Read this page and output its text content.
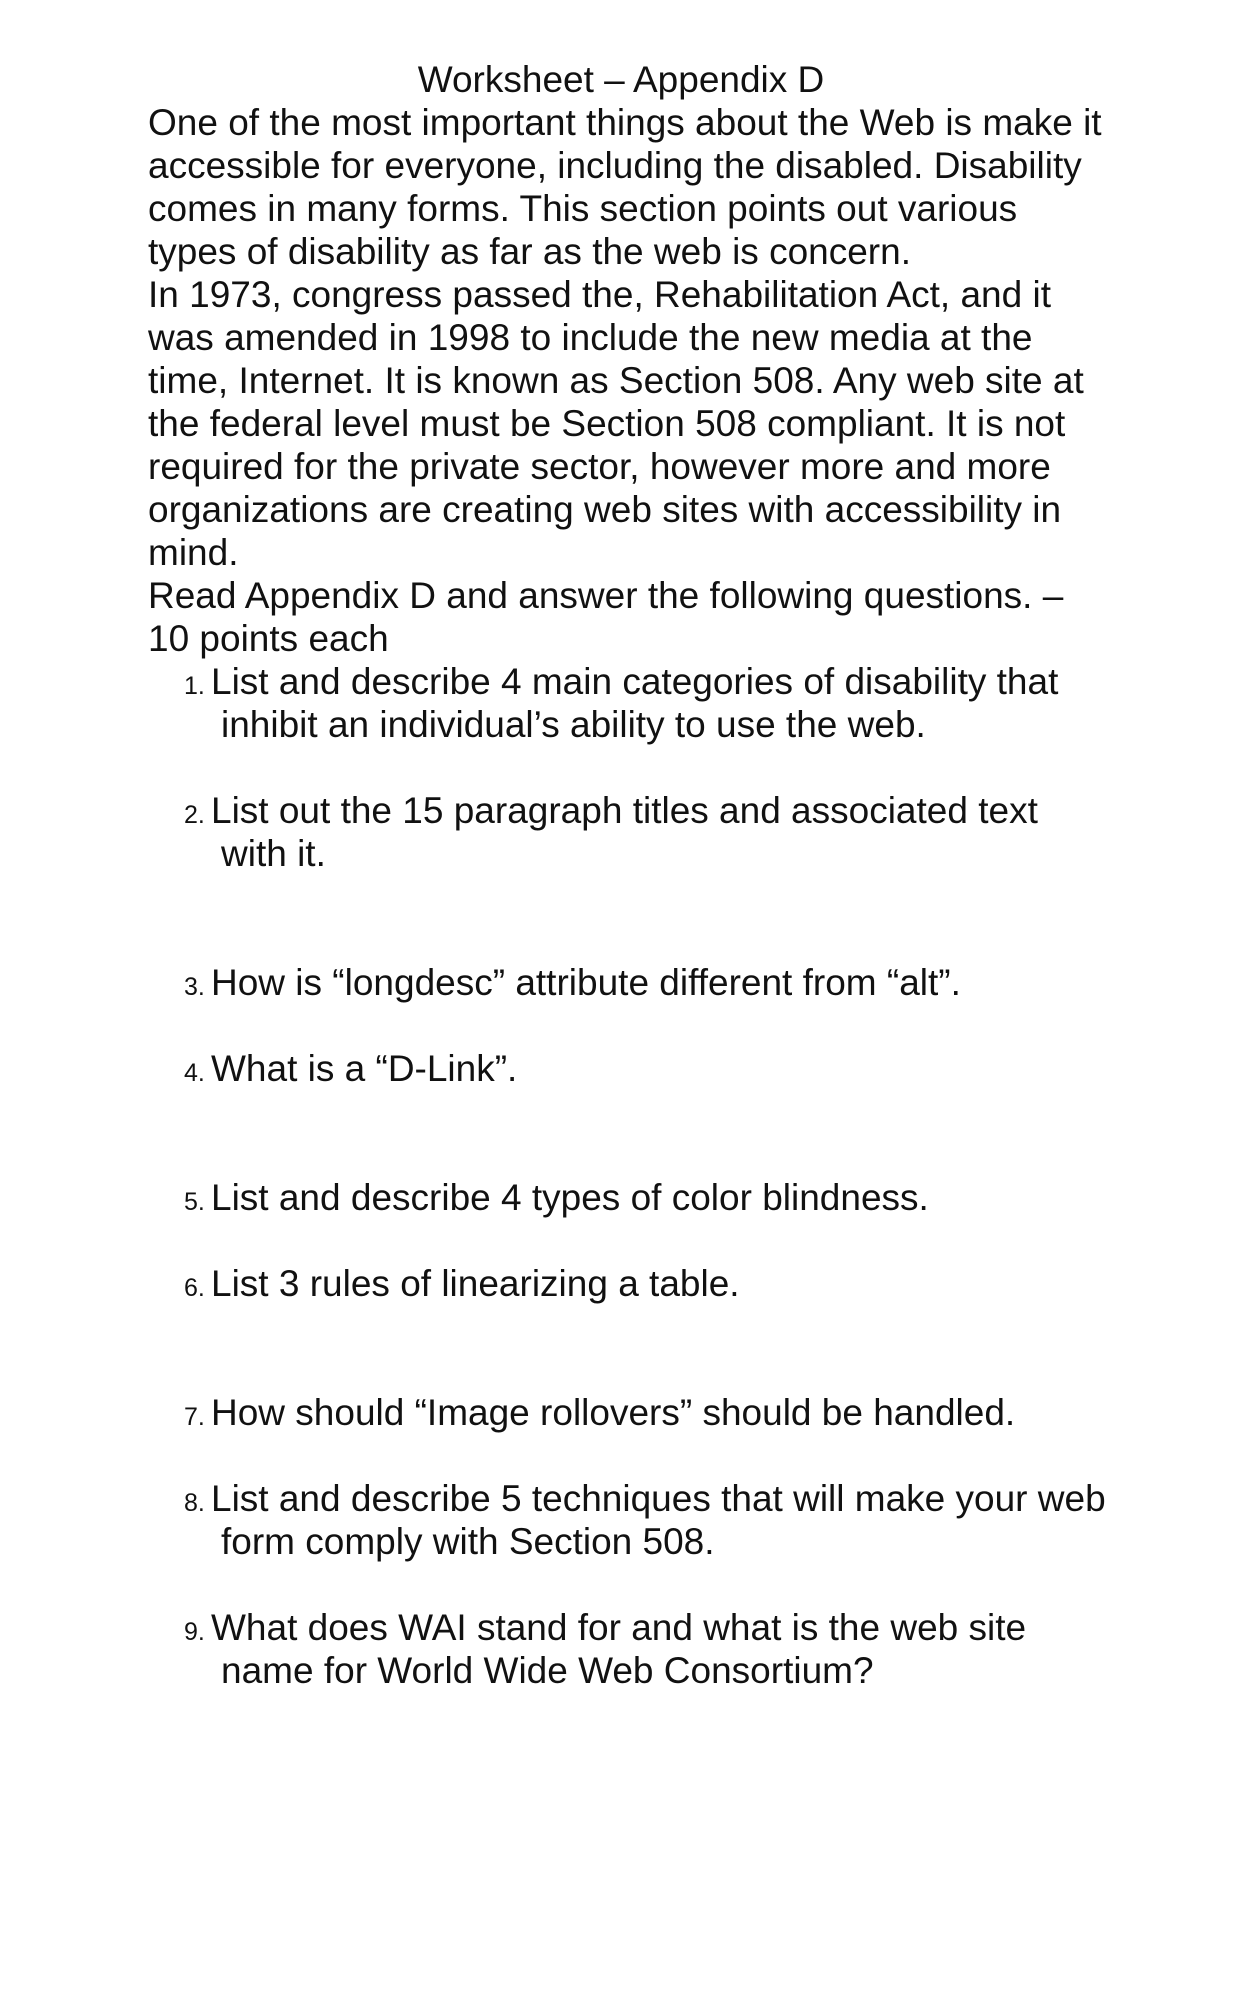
Worksheet – Appendix D
One of the most important things about the Web is make it
accessible for everyone, including the disabled. Disability
comes in many forms. This section points out various
types of disability as far as the web is concern.
In 1973, congress passed the, Rehabilitation Act, and it
was amended in 1998 to include the new media at the
time, Internet. It is known as Section 508. Any web site at
the federal level must be Section 508 compliant. It is not
required for the private sector, however more and more
organizations are creating web sites with accessibility in
mind.
Read Appendix D and answer the following questions. –
10 points each
1. List and describe 4 main categories of disability that
inhibit an individual’s ability to use the web.
2. List out the 15 paragraph titles and associated text
with it.
3. How is “longdesc” attribute different from “alt”.
4. What is a “D-Link”.
5. List and describe 4 types of color blindness.
6. List 3 rules of linearizing a table.
7. How should “Image rollovers” should be handled.
8. List and describe 5 techniques that will make your web
form comply with Section 508.
9. What does WAI stand for and what is the web site
name for World Wide Web Consortium?
